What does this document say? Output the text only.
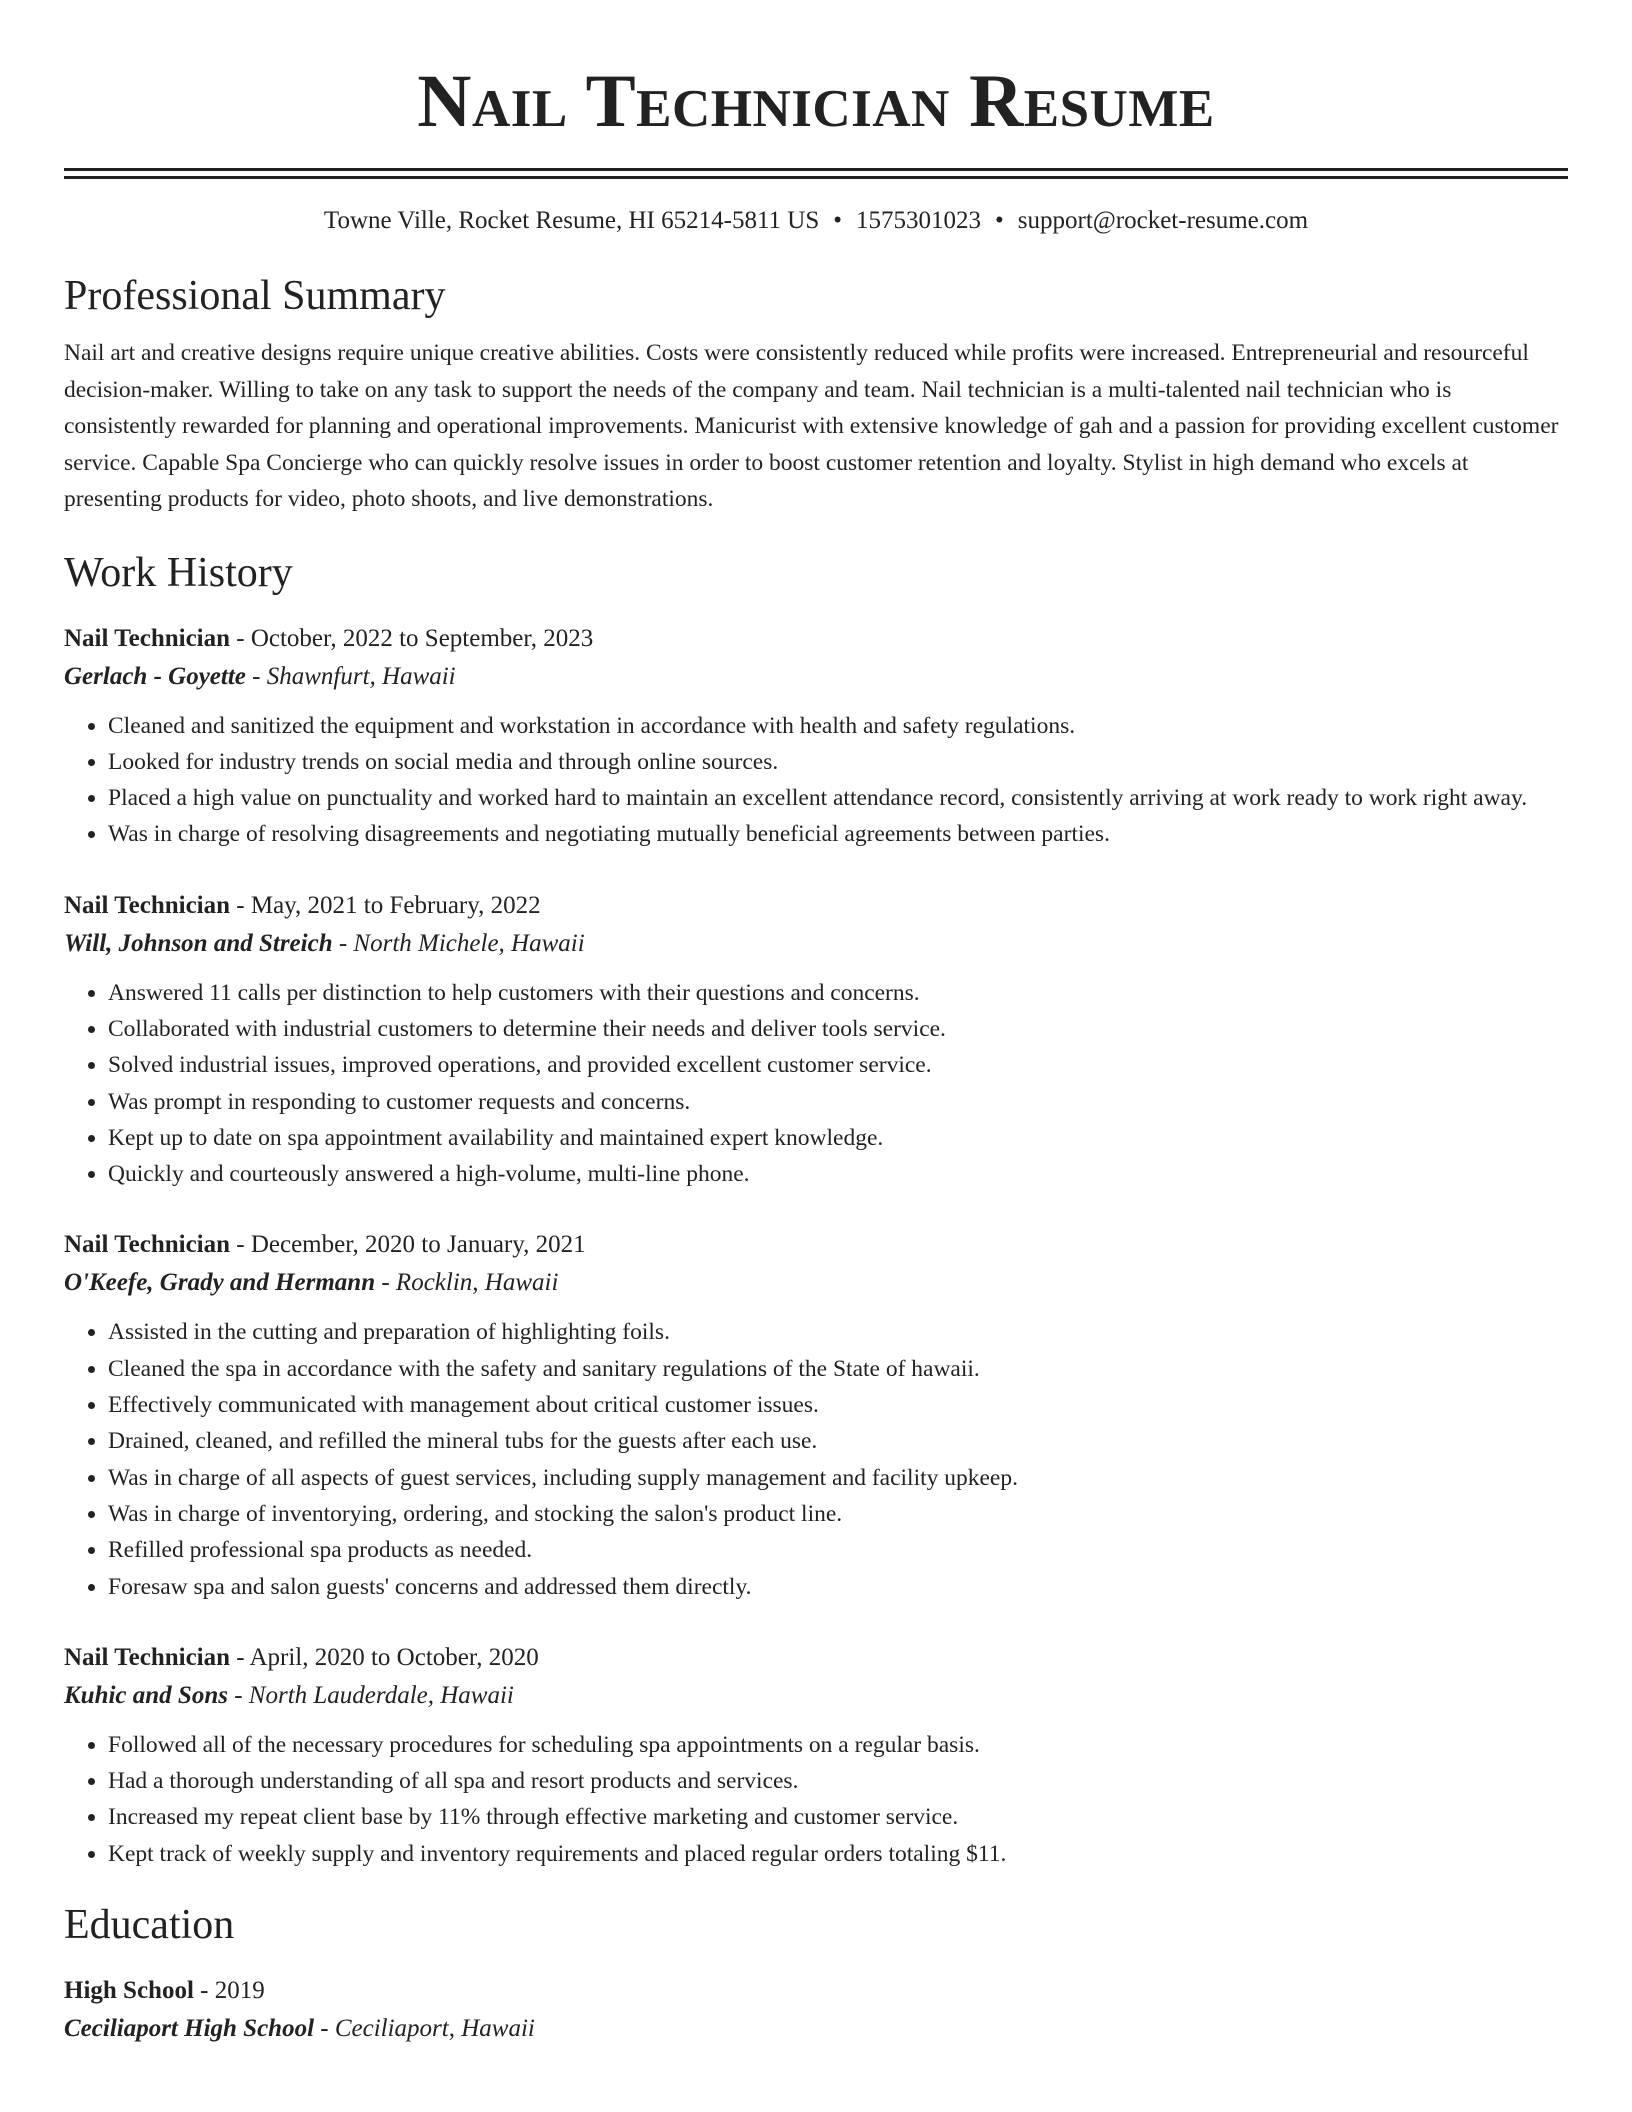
Nail Technician Resume
Towne Ville, Rocket Resume, HI 65214-5811 US • 1575301023 • support@rocket-resume.com
Professional Summary

Nail art and creative designs require unique creative abilities. Costs were consistently reduced while profits were increased. Entrepreneurial and resourceful decision-maker. Willing to take on any task to support the needs of the company and team. Nail technician is a multi-talented nail technician who is consistently rewarded for planning and operational improvements. Manicurist with extensive knowledge of gah and a passion for providing excellent customer service. Capable Spa Concierge who can quickly resolve issues in order to boost customer retention and loyalty. Stylist in high demand who excels at presenting products for video, photo shoots, and live demonstrations.

Work History
Nail Technician - October, 2022 to September, 2023
Gerlach - Goyette - Shawnfurt, Hawaii
• Cleaned and sanitized the equipment and workstation in accordance with health and safety regulations.
• Looked for industry trends on social media and through online sources.
• Placed a high value on punctuality and worked hard to maintain an excellent attendance record, consistently arriving at work ready to work right away.
• Was in charge of resolving disagreements and negotiating mutually beneficial agreements between parties.
Nail Technician - May, 2021 to February, 2022
Will, Johnson and Streich - North Michele, Hawaii
• Answered 11 calls per distinction to help customers with their questions and concerns.
• Collaborated with industrial customers to determine their needs and deliver tools service.
• Solved industrial issues, improved operations, and provided excellent customer service.
• Was prompt in responding to customer requests and concerns.
• Kept up to date on spa appointment availability and maintained expert knowledge.
• Quickly and courteously answered a high-volume, multi-line phone.
Nail Technician - December, 2020 to January, 2021
O'Keefe, Grady and Hermann - Rocklin, Hawaii
• Assisted in the cutting and preparation of highlighting foils.
• Cleaned the spa in accordance with the safety and sanitary regulations of the State of hawaii.
• Effectively communicated with management about critical customer issues.
• Drained, cleaned, and refilled the mineral tubs for the guests after each use.
• Was in charge of all aspects of guest services, including supply management and facility upkeep.
• Was in charge of inventorying, ordering, and stocking the salon's product line.
• Refilled professional spa products as needed.
• Foresaw spa and salon guests' concerns and addressed them directly.
Nail Technician - April, 2020 to October, 2020
Kuhic and Sons - North Lauderdale, Hawaii
• Followed all of the necessary procedures for scheduling spa appointments on a regular basis.
• Had a thorough understanding of all spa and resort products and services.
• Increased my repeat client base by 11% through effective marketing and customer service.
• Kept track of weekly supply and inventory requirements and placed regular orders totaling $11.
Education
High School - 2019
Ceciliaport High School - Ceciliaport, Hawaii
